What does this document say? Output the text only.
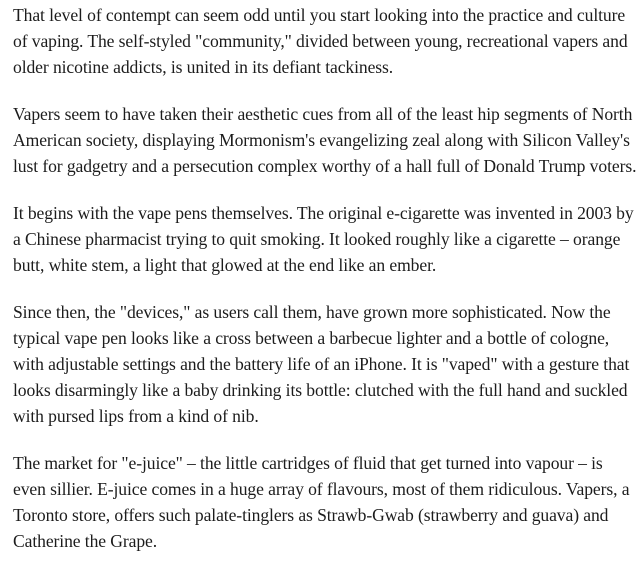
That level of contempt can seem odd until you start looking into the practice and culture of vaping. The self-styled "community," divided between young, recreational vapers and older nicotine addicts, is united in its defiant tackiness.

Vapers seem to have taken their aesthetic cues from all of the least hip segments of North American society, displaying Mormonism's evangelizing zeal along with Silicon Valley's lust for gadgetry and a persecution complex worthy of a hall full of Donald Trump voters.

It begins with the vape pens themselves. The original e-cigarette was invented in 2003 by a Chinese pharmacist trying to quit smoking. It looked roughly like a cigarette – orange butt, white stem, a light that glowed at the end like an ember.

Since then, the "devices," as users call them, have grown more sophisticated. Now the typical vape pen looks like a cross between a barbecue lighter and a bottle of cologne, with adjustable settings and the battery life of an iPhone. It is "vaped" with a gesture that looks disarmingly like a baby drinking its bottle: clutched with the full hand and suckled with pursed lips from a kind of nib.

The market for "e-juice" – the little cartridges of fluid that get turned into vapour – is even sillier. E-juice comes in a huge array of flavours, most of them ridiculous. Vapers, a Toronto store, offers such palate-tinglers as Strawb-Gwab (strawberry and guava) and Catherine the Grape.
